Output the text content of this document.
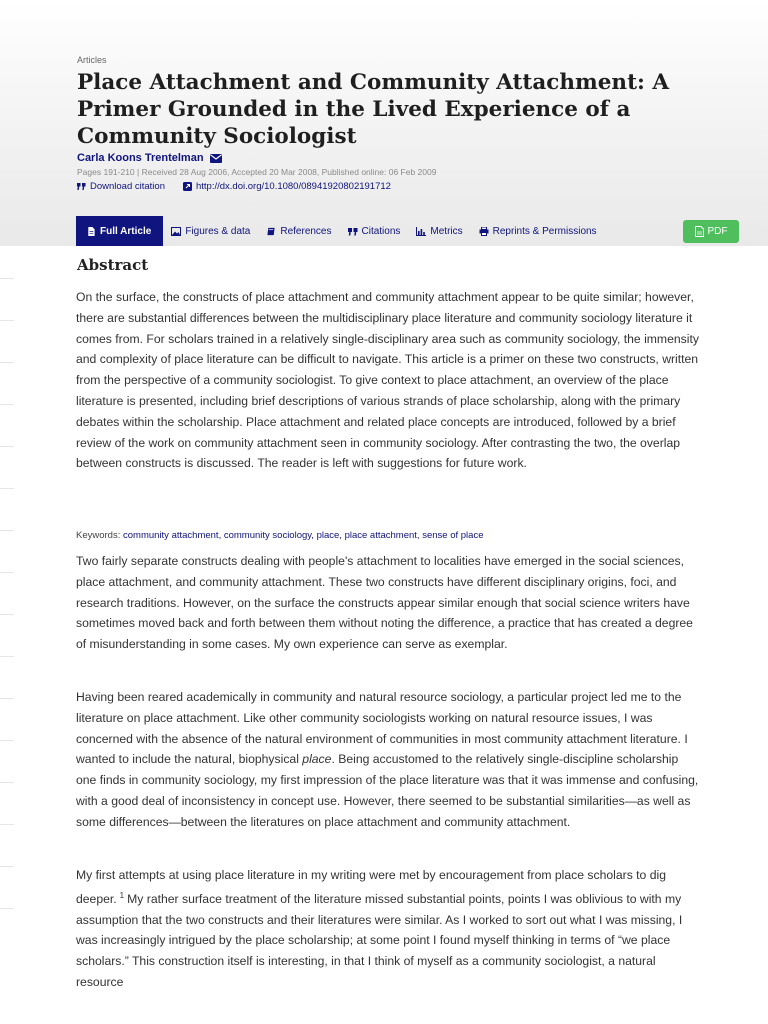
Articles
Place Attachment and Community Attachment: A Primer Grounded in the Lived Experience of a Community Sociologist
Carla Koons Trentelman
Pages 191-210 | Received 28 Aug 2006, Accepted 20 Mar 2008, Published online: 06 Feb 2009
Download citation	http://dx.doi.org/10.1080/08941920802191712
Full Article	Figures & data	References	Citations	Metrics	Reprints & Permissions	PDF
Abstract

On the surface, the constructs of place attachment and community attachment appear to be quite similar; however, there are substantial differences between the multidisciplinary place literature and community sociology literature it comes from. For scholars trained in a relatively single-disciplinary area such as community sociology, the immensity and complexity of place literature can be difficult to navigate. This article is a primer on these two constructs, written from the perspective of a community sociologist. To give context to place attachment, an overview of the place literature is presented, including brief descriptions of various strands of place scholarship, along with the primary debates within the scholarship. Place attachment and related place concepts are introduced, followed by a brief review of the work on community attachment seen in community sociology. After contrasting the two, the overlap between constructs is discussed. The reader is left with suggestions for future work.

Keywords: community attachment, community sociology, place, place attachment, sense of place

Two fairly separate constructs dealing with people's attachment to localities have emerged in the social sciences, place attachment, and community attachment. These two constructs have different disciplinary origins, foci, and research traditions. However, on the surface the constructs appear similar enough that social science writers have sometimes moved back and forth between them without noting the difference, a practice that has created a degree of misunderstanding in some cases. My own experience can serve as exemplar.

Having been reared academically in community and natural resource sociology, a particular project led me to the literature on place attachment. Like other community sociologists working on natural resource issues, I was concerned with the absence of the natural environment of communities in most community attachment literature. I wanted to include the natural, biophysical place. Being accustomed to the relatively single-discipline scholarship one finds in community sociology, my first impression of the place literature was that it was immense and confusing, with a good deal of inconsistency in concept use. However, there seemed to be substantial similarities—as well as some differences—between the literatures on place attachment and community attachment.

My first attempts at using place literature in my writing were met by encouragement from place scholars to dig deeper. $^1$ My rather surface treatment of the literature missed substantial points, points I was oblivious to with my assumption that the two constructs and their literatures were similar. As I worked to sort out what I was missing, I was increasingly intrigued by the place scholarship; at some point I found myself thinking in terms of “we place scholars.” This construction itself is interesting, in that I think of myself as a community sociologist, a natural resource
